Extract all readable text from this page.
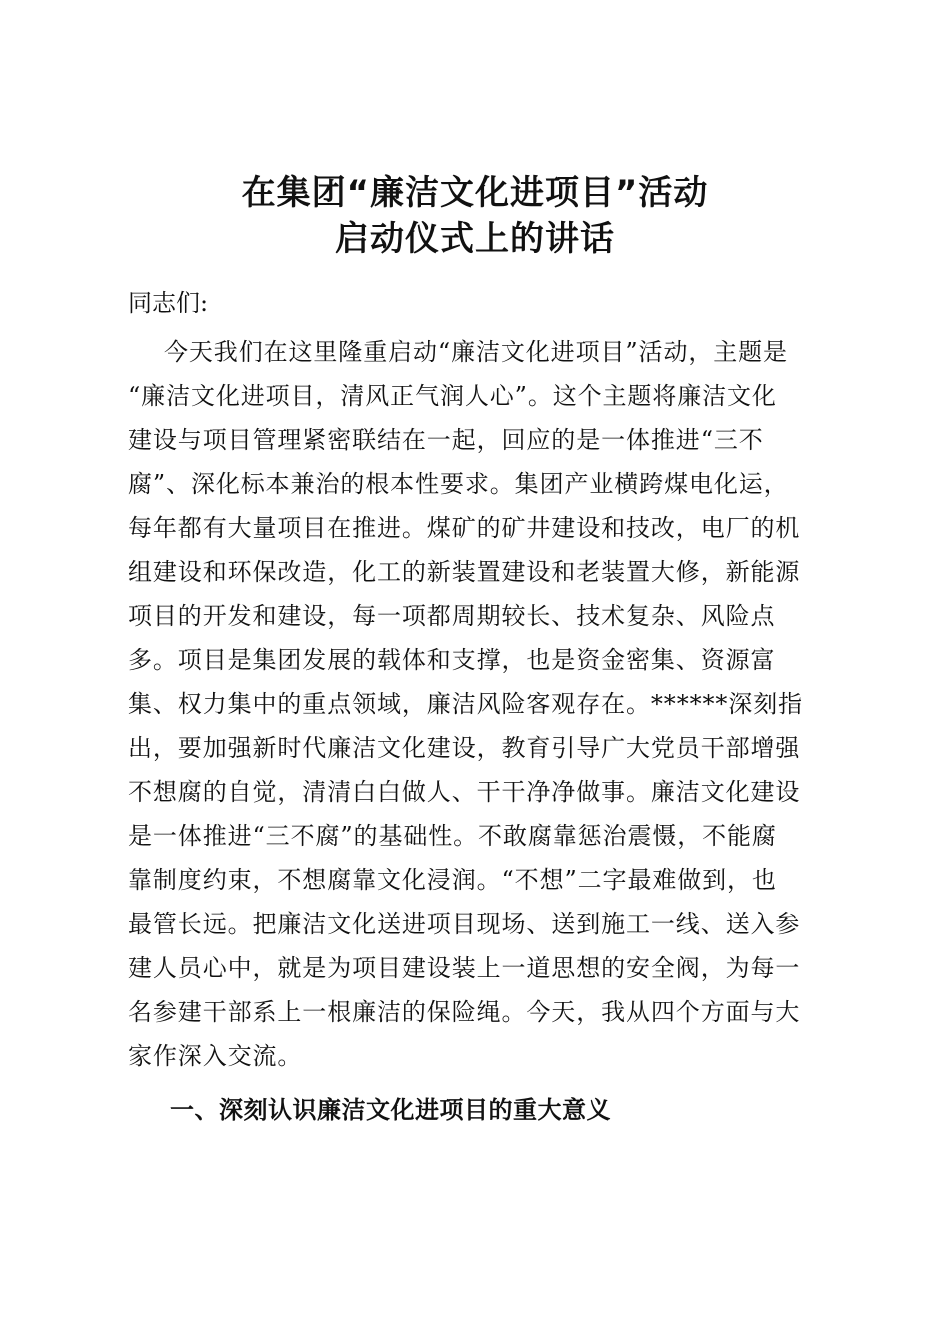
在集团“廉洁文化进项目”活动
启动仪式上的讲话

同志们:

今天我们在这里隆重启动“廉洁文化进项目”活动，主题是

“廉洁文化进项目，清风正气润人心”。这个主题将廉洁文化

建设与项目管理紧密联结在一起，回应的是一体推进“三不

腐”、深化标本兼治的根本性要求。集团产业横跨煤电化运，

每年都有大量项目在推进。煤矿的矿井建设和技改，电厂的机

组建设和环保改造，化工的新装置建设和老装置大修，新能源

项目的开发和建设，每一项都周期较长、技术复杂、风险点

多。项目是集团发展的载体和支撑，也是资金密集、资源富

集、权力集中的重点领域，廉洁风险客观存在。******深刻指

出，要加强新时代廉洁文化建设，教育引导广大党员干部增强

不想腐的自觉，清清白白做人、干干净净做事。廉洁文化建设

是一体推进“三不腐”的基础性。不敢腐靠惩治震慑，不能腐

靠制度约束，不想腐靠文化浸润。“不想”二字最难做到，也

最管长远。把廉洁文化送进项目现场、送到施工一线、送入参

建人员心中，就是为项目建设装上一道思想的安全阀，为每一

名参建干部系上一根廉洁的保险绳。今天，我从四个方面与大

家作深入交流。

一、深刻认识廉洁文化进项目的重大意义
